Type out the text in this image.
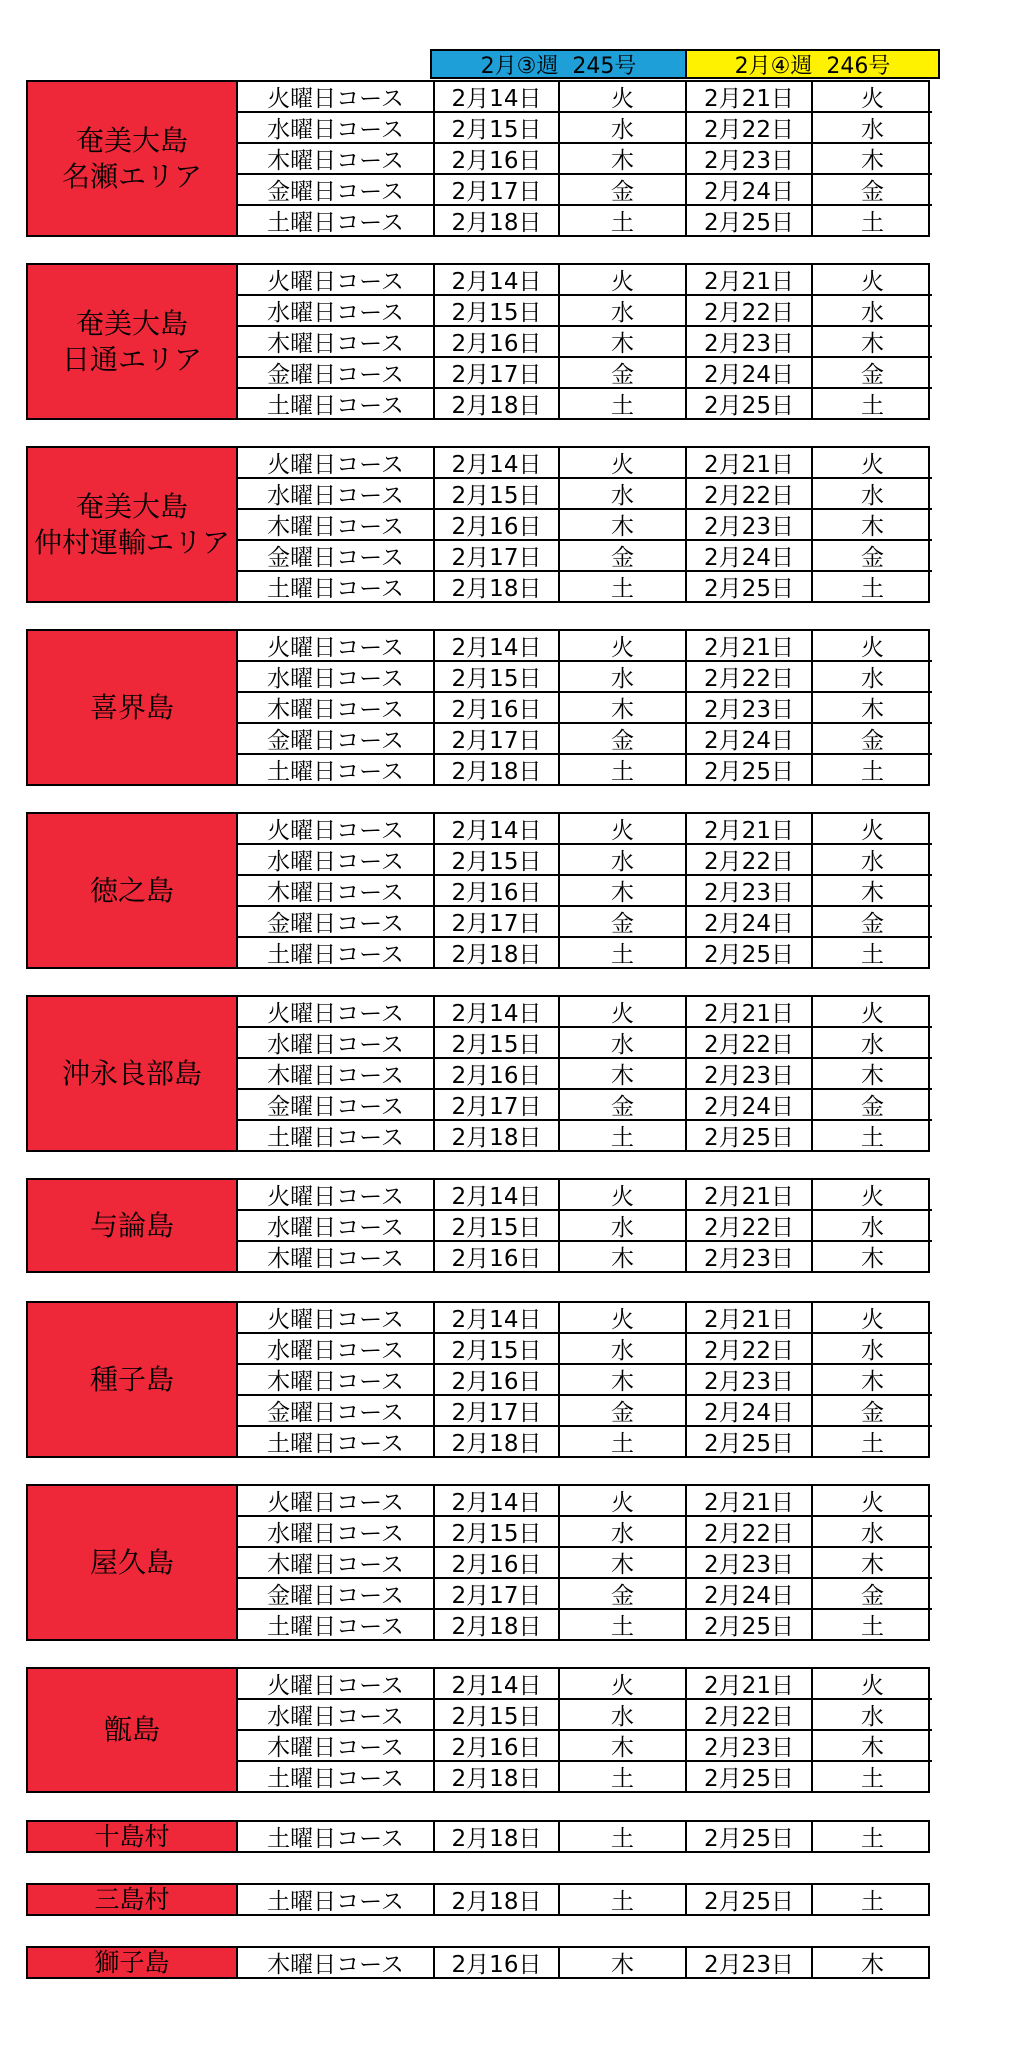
2月③週  245号	2月④週  246号
奄美大島
名瀬エリア
火曜日コース	2月14日	火	2月21日	火
水曜日コース	2月15日	水	2月22日	水
木曜日コース	2月16日	木	2月23日	木
金曜日コース	2月17日	金	2月24日	金
土曜日コース	2月18日	土	2月25日	土
奄美大島
日通エリア
火曜日コース	2月14日	火	2月21日	火
水曜日コース	2月15日	水	2月22日	水
木曜日コース	2月16日	木	2月23日	木
金曜日コース	2月17日	金	2月24日	金
土曜日コース	2月18日	土	2月25日	土
奄美大島
仲村運輸エリア
火曜日コース	2月14日	火	2月21日	火
水曜日コース	2月15日	水	2月22日	水
木曜日コース	2月16日	木	2月23日	木
金曜日コース	2月17日	金	2月24日	金
土曜日コース	2月18日	土	2月25日	土
喜界島
火曜日コース	2月14日	火	2月21日	火
水曜日コース	2月15日	水	2月22日	水
木曜日コース	2月16日	木	2月23日	木
金曜日コース	2月17日	金	2月24日	金
土曜日コース	2月18日	土	2月25日	土
徳之島
火曜日コース	2月14日	火	2月21日	火
水曜日コース	2月15日	水	2月22日	水
木曜日コース	2月16日	木	2月23日	木
金曜日コース	2月17日	金	2月24日	金
土曜日コース	2月18日	土	2月25日	土
沖永良部島
火曜日コース	2月14日	火	2月21日	火
水曜日コース	2月15日	水	2月22日	水
木曜日コース	2月16日	木	2月23日	木
金曜日コース	2月17日	金	2月24日	金
土曜日コース	2月18日	土	2月25日	土
与論島
火曜日コース	2月14日	火	2月21日	火
水曜日コース	2月15日	水	2月22日	水
木曜日コース	2月16日	木	2月23日	木
種子島
火曜日コース	2月14日	火	2月21日	火
水曜日コース	2月15日	水	2月22日	水
木曜日コース	2月16日	木	2月23日	木
金曜日コース	2月17日	金	2月24日	金
土曜日コース	2月18日	土	2月25日	土
屋久島
火曜日コース	2月14日	火	2月21日	火
水曜日コース	2月15日	水	2月22日	水
木曜日コース	2月16日	木	2月23日	木
金曜日コース	2月17日	金	2月24日	金
土曜日コース	2月18日	土	2月25日	土
甑島
火曜日コース	2月14日	火	2月21日	火
水曜日コース	2月15日	水	2月22日	水
木曜日コース	2月16日	木	2月23日	木
土曜日コース	2月18日	土	2月25日	土
十島村	土曜日コース	2月18日	土	2月25日	土
三島村	土曜日コース	2月18日	土	2月25日	土
獅子島	木曜日コース	2月16日	木	2月23日	木
